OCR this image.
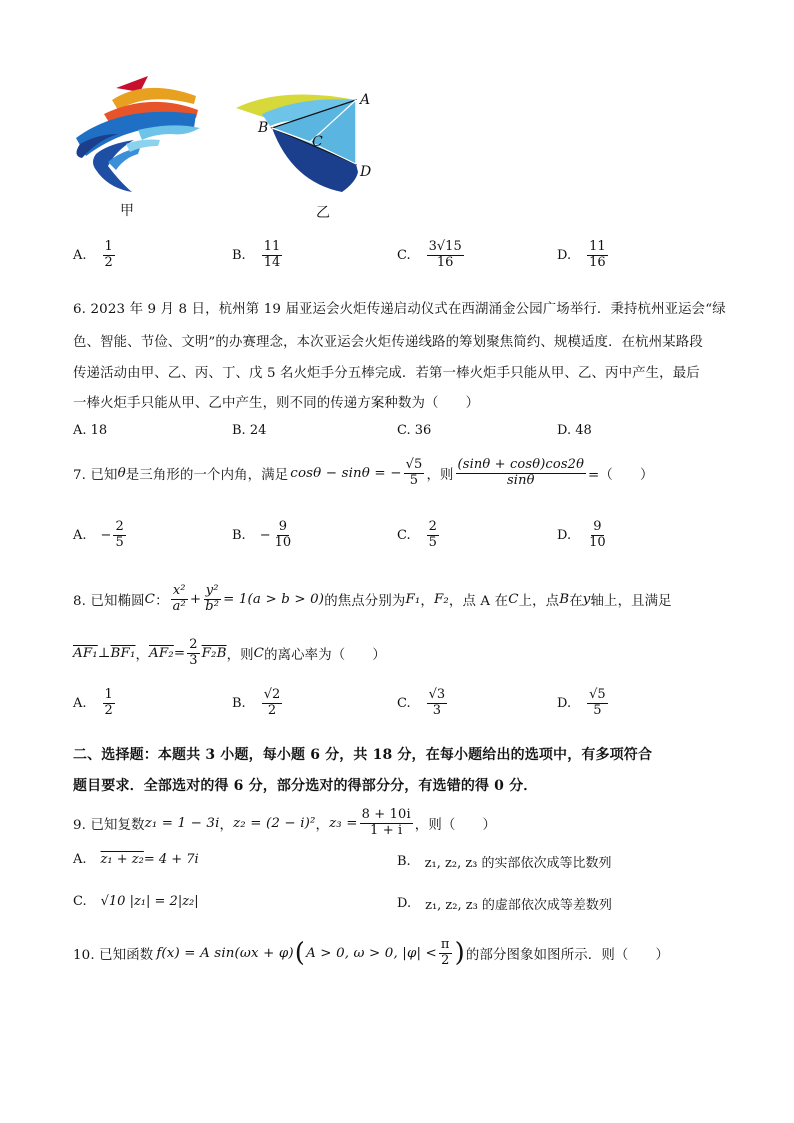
A
B
C
D
甲	乙
A. $\frac{1}{2}$	B. $\frac{11}{14}$	C. $\frac{3√15}{16}$	D. $\frac{11}{16}$
6. 2023 年 9 月 8 日，杭州第 19 届亚运会火炬传递启动仪式在西湖涌金公园广场举行．秉持杭州亚运会“绿
色、智能、节俭、文明”的办赛理念，本次亚运会火炬传递线路的筹划聚焦简约、规模适度．在杭州某路段
传递活动由甲、乙、丙、丁、戊 5 名火炬手分五棒完成．若第一棒火炬手只能从甲、乙、丙中产生，最后
一棒火炬手只能从甲、乙中产生，则不同的传递方案种数为（　　）
A. 18	B. 24	C. 36	D. 48
7. 已知 θ 是三角形的一个内角，满足 cosθ − sinθ = − $\frac{√5}{5}$ ，则 $\frac{(\sin\theta + \cos\theta)\cos 2\theta}{\sin\theta}$ =（　　）
A. − $\frac{2}{5}$	B. − $\frac{9}{10}$	C. $\frac{2}{5}$	D. $\frac{9}{10}$
8. 已知椭圆 C ： $\frac{\text{x²}}{\text{a²}} + \frac{\text{y²}}{\text{b²}} = 1(a > b > 0)$ 的焦点分别为 F₁ ， F₂ ，点 A 在 C 上，点 B 在 y 轴上，且满足
AF₁ ⊥ BF₁ ， $AF_2 = \frac{2}{3} F_2B$ ，则 C 的离心率为（　　）
A. $\frac{1}{2}$	B. $\frac{√2}{2}$	C. $\frac{√3}{3}$	D. $\frac{√5}{5}$
二、选择题：本题共 3 小题，每小题 6 分，共 18 分，在每小题给出的选项中，有多项符合
题目要求．全部选对的得 6 分，部分选对的得部分分，有选错的得 0 分．
9. 已知复数 z₁ = 1 − 3i ， z₂ = (2 − i)² ， $z_3 = \frac{8 + 10i}{1 + i}$ ，则（　　）
A. z₁ + z₂ = 4 + 7i	B. z₁, z₂, z₃ 的实部依次成等比数列
C. √10 |z₁| = 2|z₂|	D. z₁, z₂, z₃ 的虚部依次成等差数列
10. 已知函数 f(x) = A sin(ωx + φ) ( A > 0, ω > 0, $|\varphi| < \frac{\pi}{2}$ ) 的部分图象如图所示．则（　　）
